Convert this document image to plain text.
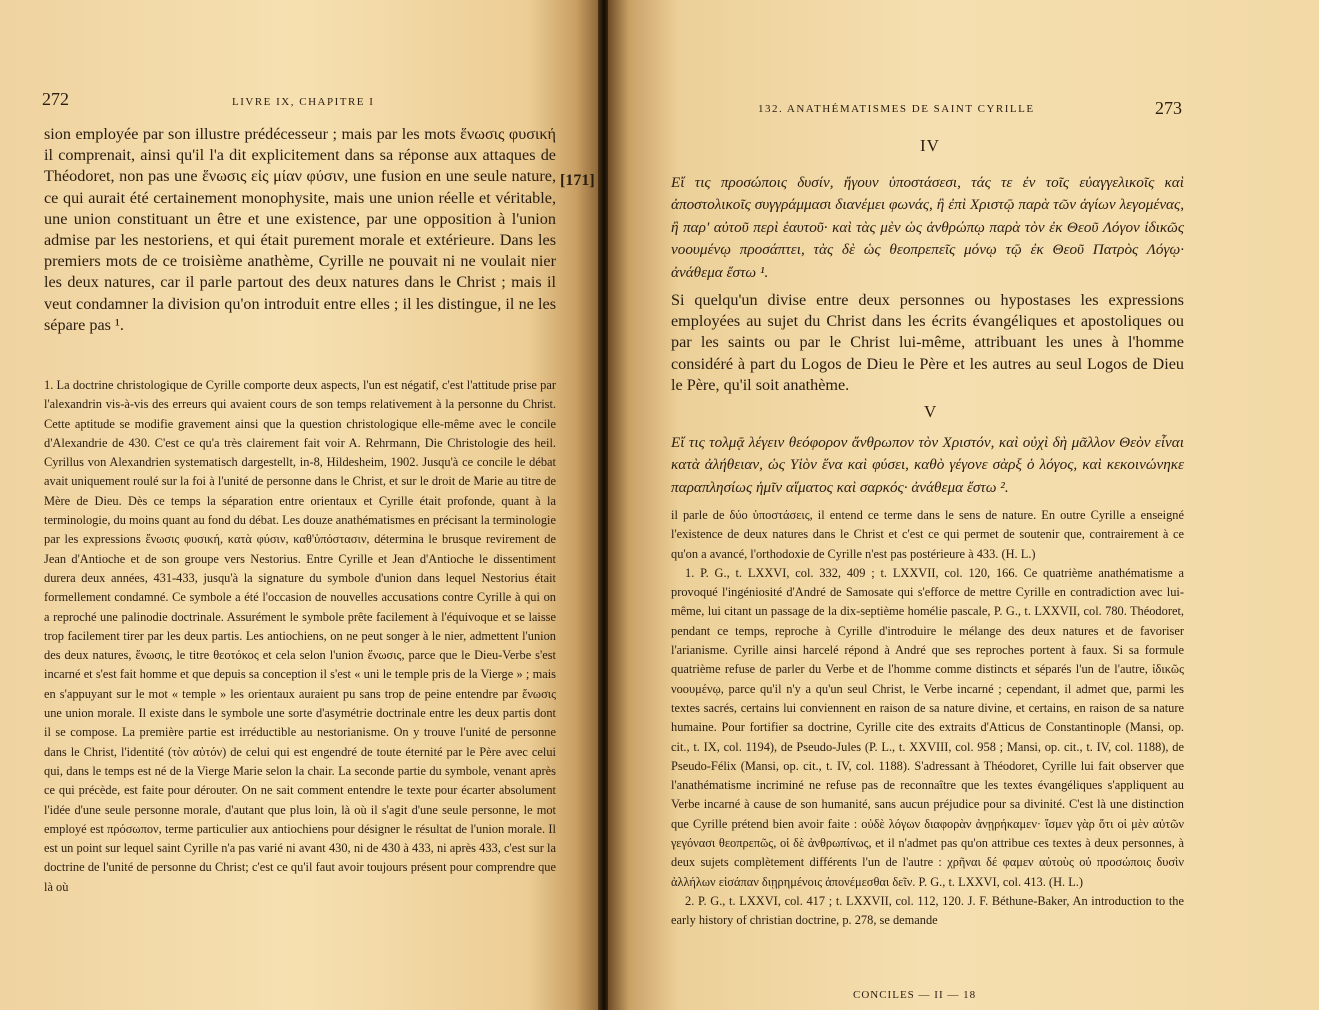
272	LIVRE IX, CHAPITRE I

sion employée par son illustre prédécesseur ; mais par les mots ἕνωσις φυσική il comprenait, ainsi qu'il l'a dit explicitement dans sa réponse aux attaques de Théodoret, non pas une ἕνωσις εἰς μίαν φύσιν, une fusion en une seule nature, ce qui aurait été certainement monophysite, mais une union réelle et véritable, une union constituant un être et une existence, par une opposition à l'union admise par les nestoriens, et qui était purement morale et extérieure. Dans les premiers mots de ce troisième anathème, Cyrille ne pouvait ni ne voulait nier les deux natures, car il parle partout des deux natures dans le Christ ; mais il veut condamner la division qu'on introduit entre elles ; il les distingue, il ne les sépare pas ¹.

1. La doctrine christologique de Cyrille comporte deux aspects, l'un est négatif, c'est l'attitude prise par l'alexandrin vis-à-vis des erreurs qui avaient cours de son temps relativement à la personne du Christ. Cette aptitude se modifie gravement ainsi que la question christologique elle-même avec le concile d'Alexandrie de 430. C'est ce qu'a très clairement fait voir A. Rehrmann, Die Christologie des heil. Cyrillus von Alexandrien systematisch dargestellt, in-8, Hildesheim, 1902. Jusqu'à ce concile le débat avait uniquement roulé sur la foi à l'unité de personne dans le Christ, et sur le droit de Marie au titre de Mère de Dieu. Dès ce temps la séparation entre orientaux et Cyrille était profonde, quant à la terminologie, du moins quant au fond du débat. Les douze anathématismes en précisant la terminologie par les expressions ἕνωσις φυσική, κατὰ φύσιν, καθ'ὑπόστασιν, détermina le brusque revirement de Jean d'Antioche et de son groupe vers Nestorius. Entre Cyrille et Jean d'Antioche le dissentiment durera deux années, 431-433, jusqu'à la signature du symbole d'union dans lequel Nestorius était formellement condamné. Ce symbole a été l'occasion de nouvelles accusations contre Cyrille à qui on a reproché une palinodie doctrinale. Assurément le symbole prête facilement à l'équivoque et se laisse trop facilement tirer par les deux partis. Les antiochiens, on ne peut songer à le nier, admettent l'union des deux natures, ἕνωσις, le titre θεοτόκος et cela selon l'union ἕνωσις, parce que le Dieu-Verbe s'est incarné et s'est fait homme et que depuis sa conception il s'est « uni le temple pris de la Vierge » ; mais en s'appuyant sur le mot « temple » les orientaux auraient pu sans trop de peine entendre par ἕνωσις une union morale. Il existe dans le symbole une sorte d'asymétrie doctrinale entre les deux partis dont il se compose. La première partie est irréductible au nestorianisme. On y trouve l'unité de personne dans le Christ, l'identité (τὸν αὐτόν) de celui qui est engendré de toute éternité par le Père avec celui qui, dans le temps est né de la Vierge Marie selon la chair. La seconde partie du symbole, venant après ce qui précède, est faite pour dérouter. On ne sait comment entendre le texte pour écarter absolument l'idée d'une seule personne morale, d'autant que plus loin, là où il s'agit d'une seule personne, le mot employé est πρόσωπον, terme particulier aux antiochiens pour désigner le résultat de l'union morale. Il est un point sur lequel saint Cyrille n'a pas varié ni avant 430, ni de 430 à 433, ni après 433, c'est sur la doctrine de l'unité de personne du Christ; c'est ce qu'il faut avoir toujours présent pour comprendre que là où

[171]
132. ANATHÉMATISMES DE SAINT CYRILLE	273
IV
Εἴ τις προσώποις δυσίν, ἤγουν ὑποστάσεσι, τάς τε ἐν τοῖς εὐαγγελικοῖς καὶ ἀποστολικοῖς συγγράμμασι διανέμει φωνάς, ἢ ἐπὶ Χριστῷ παρὰ τῶν ἁγίων λεγομένας, ἢ παρ' αὐτοῦ περὶ ἑαυτοῦ· καὶ τὰς μὲν ὡς ἀνθρώπῳ παρὰ τὸν ἐκ Θεοῦ Λόγον ἰδικῶς νοουμένῳ προσάπτει, τὰς δὲ ὡς θεοπρεπεῖς μόνῳ τῷ ἐκ Θεοῦ Πατρὸς Λόγῳ· ἀνάθεμα ἔστω ¹.

Si quelqu'un divise entre deux personnes ou hypostases les expressions employées au sujet du Christ dans les écrits évangéliques et apostoliques ou par les saints ou par le Christ lui-même, attribuant les unes à l'homme considéré à part du Logos de Dieu le Père et les autres au seul Logos de Dieu le Père, qu'il soit anathème.

V
Εἴ τις τολμᾷ λέγειν θεόφορον ἄνθρωπον τὸν Χριστόν, καὶ οὐχὶ δὴ μᾶλλον Θεὸν εἶναι κατὰ ἀλήθειαν, ὡς Υἱὸν ἕνα καὶ φύσει, καθὸ γέγονε σὰρξ ὁ λόγος, καὶ κεκοινώνηκε παραπλησίως ἡμῖν αἵματος καὶ σαρκός· ἀνάθεμα ἔστω ².

il parle de δύο ὑποστάσεις, il entend ce terme dans le sens de nature. En outre Cyrille a enseigné l'existence de deux natures dans le Christ et c'est ce qui permet de soutenir que, contrairement à ce qu'on a avancé, l'orthodoxie de Cyrille n'est pas postérieure à 433. (H. L.)

1. P. G., t. LXXVI, col. 332, 409 ; t. LXXVII, col. 120, 166. Ce quatrième anathématisme a provoqué l'ingéniosité d'André de Samosate qui s'efforce de mettre Cyrille en contradiction avec lui-même, lui citant un passage de la dix-septième homélie pascale, P. G., t. LXXVII, col. 780. Théodoret, pendant ce temps, reproche à Cyrille d'introduire le mélange des deux natures et de favoriser l'arianisme. Cyrille ainsi harcelé répond à André que ses reproches portent à faux. Si sa formule quatrième refuse de parler du Verbe et de l'homme comme distincts et séparés l'un de l'autre, ἰδικῶς νοουμένῳ, parce qu'il n'y a qu'un seul Christ, le Verbe incarné ; cependant, il admet que, parmi les textes sacrés, certains lui conviennent en raison de sa nature divine, et certains, en raison de sa nature humaine. Pour fortifier sa doctrine, Cyrille cite des extraits d'Atticus de Constantinople (Mansi, op. cit., t. IX, col. 1194), de Pseudo-Jules (P. L., t. XXVIII, col. 958 ; Mansi, op. cit., t. IV, col. 1188), de Pseudo-Félix (Mansi, op. cit., t. IV, col. 1188). S'adressant à Théodoret, Cyrille lui fait observer que l'anathématisme incriminé ne refuse pas de reconnaître que les textes évangéliques s'appliquent au Verbe incarné à cause de son humanité, sans aucun préjudice pour sa divinité. C'est là une distinction que Cyrille prétend bien avoir faite : οὐδὲ λόγων διαφορὰν ἀνῃρήκαμεν· ἴσμεν γὰρ ὅτι οἱ μὲν αὐτῶν γεγόνασι θεοπρεπῶς, οἱ δὲ ἀνθρωπίνως, et il n'admet pas qu'on attribue ces textes à deux personnes, à deux sujets complètement différents l'un de l'autre : χρῆναι δέ φαμεν αὐτοὺς οὐ προσώποις δυσὶν ἀλλήλων εἰσάπαν διῃρημένοις ἀπονέμεσθαι δεῖν. P. G., t. LXXVI, col. 413. (H. L.)

2. P. G., t. LXXVI, col. 417 ; t. LXXVII, col. 112, 120. J. F. Béthune-Baker, An introduction to the early history of christian doctrine, p. 278, se demande

CONCILES — II — 18
